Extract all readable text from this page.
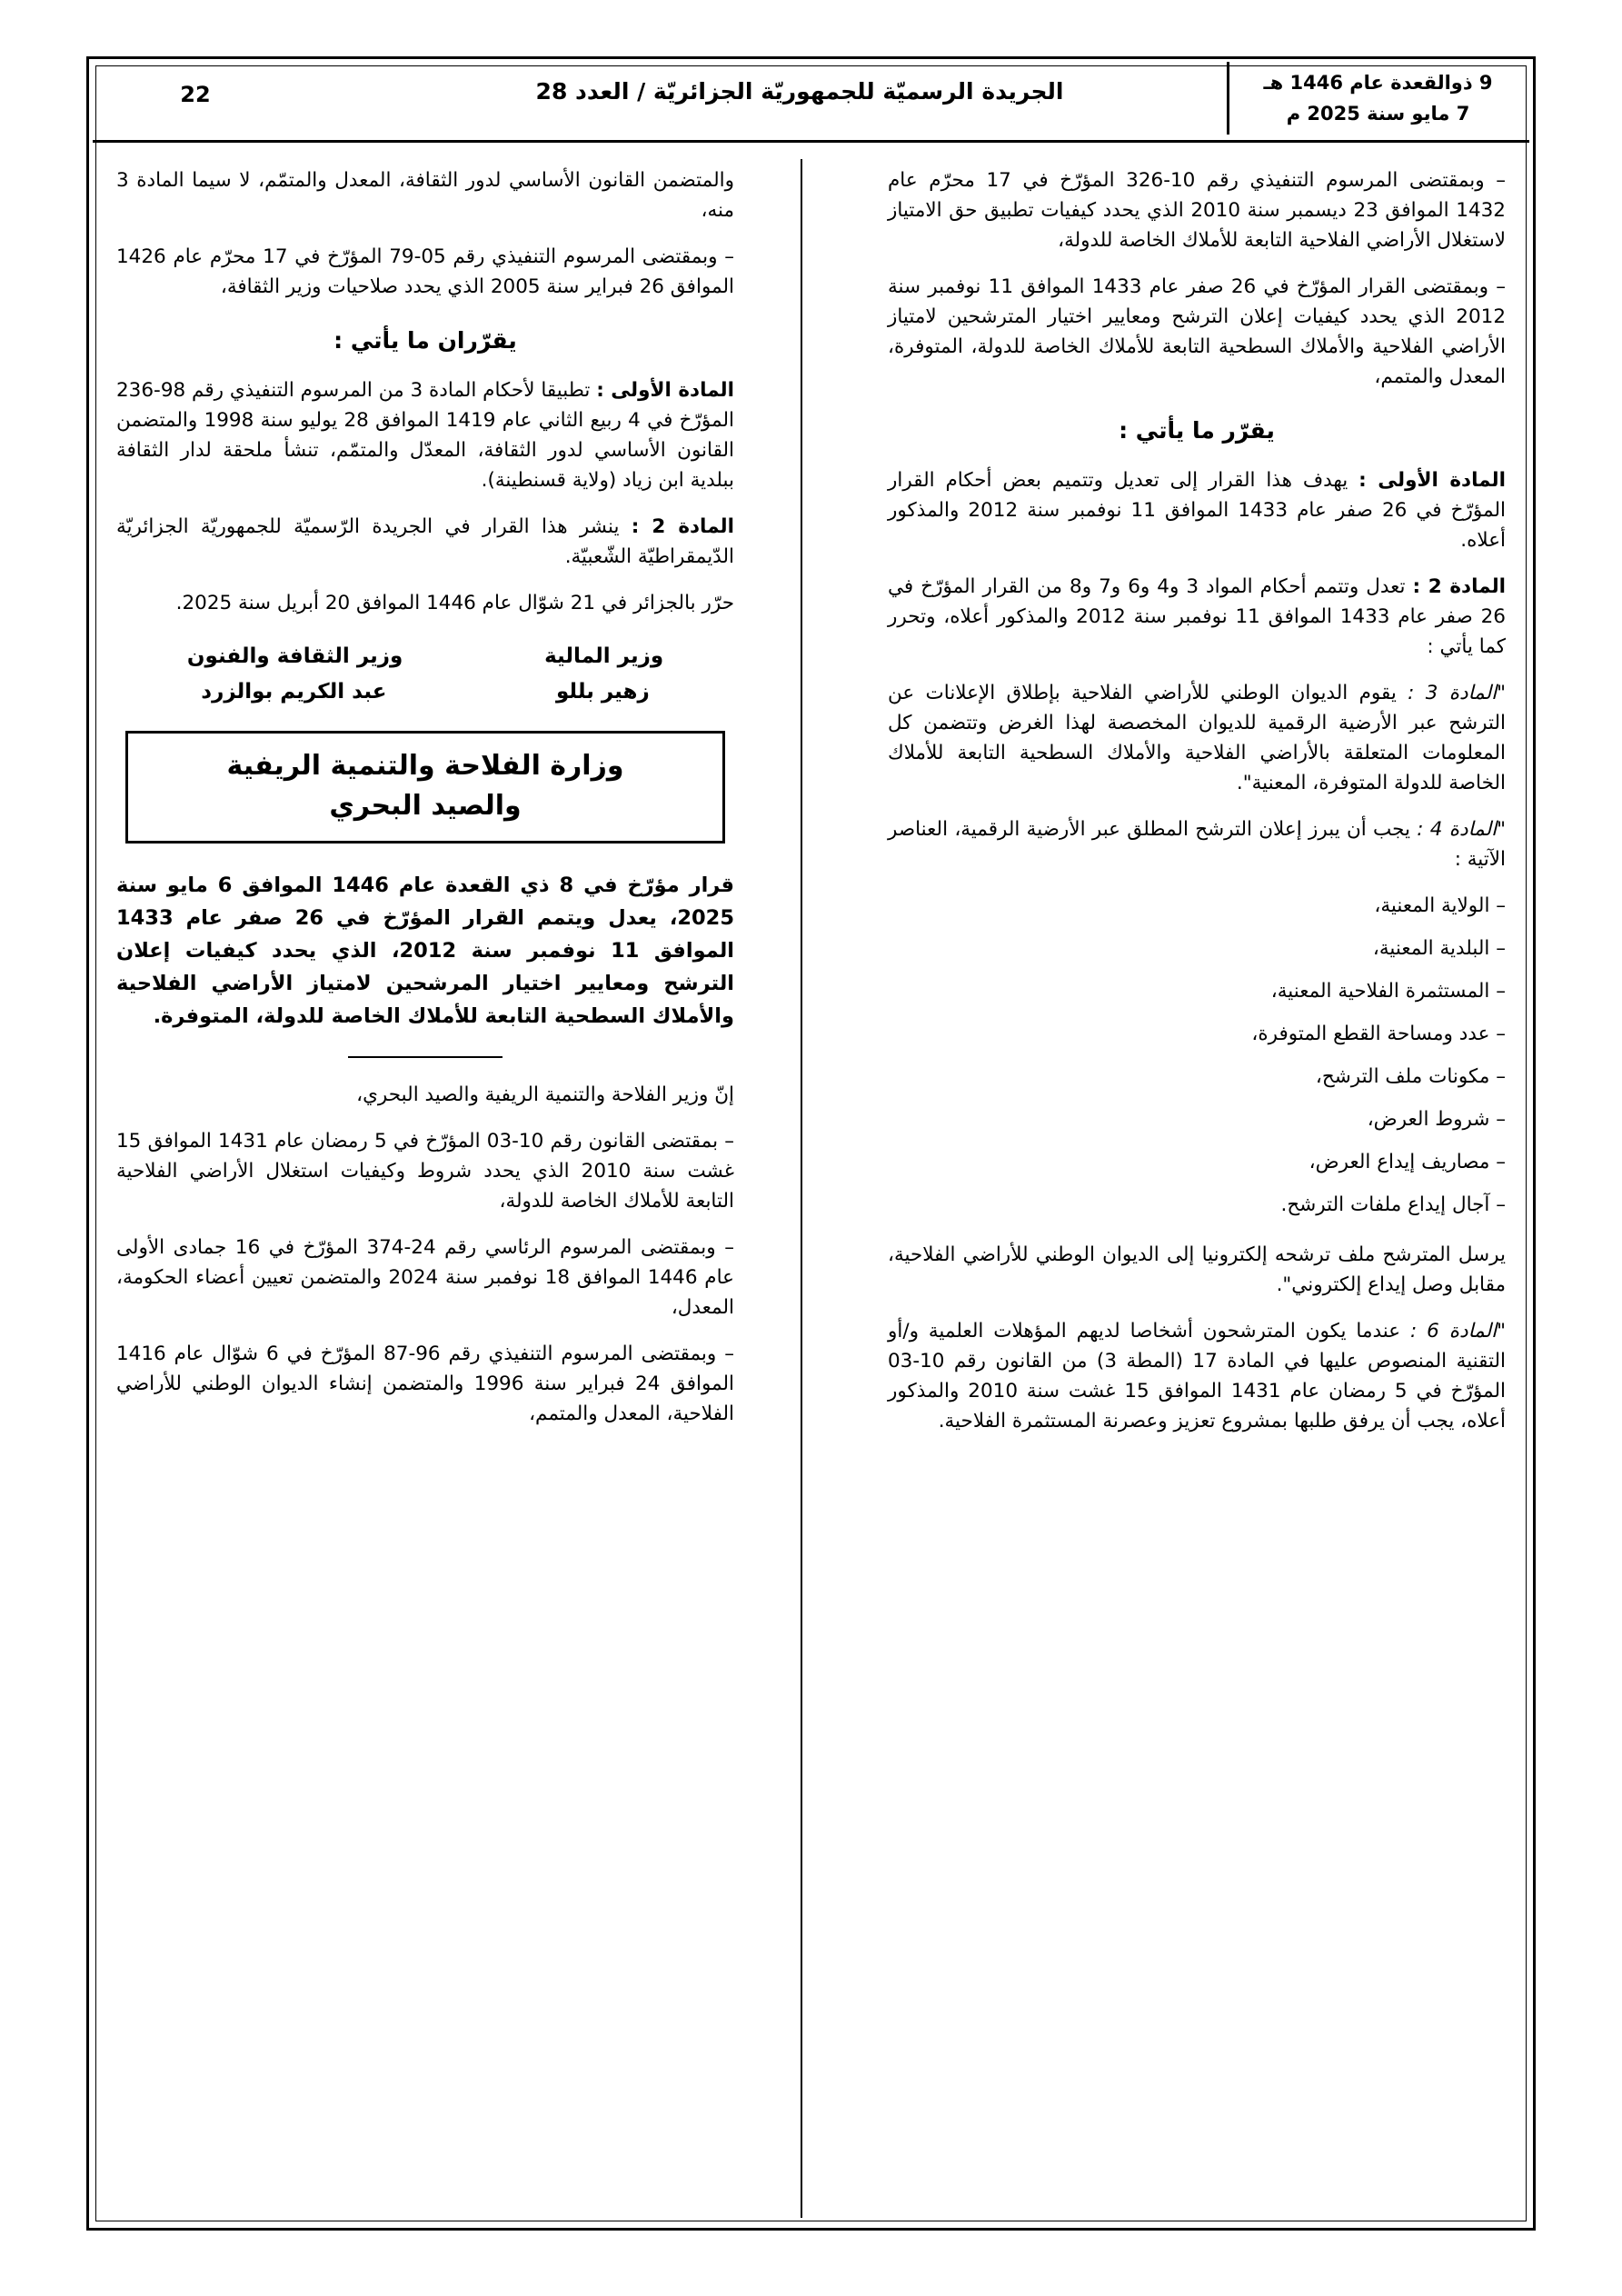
9 ذوالقعدة عام 1446 هـ
7 مايو سنة 2025 م
الجريدة الرسميّة للجمهوريّة الجزائريّة / العدد 28
22

– وبمقتضى المرسوم التنفيذي رقم 10-326 المؤرّخ في 17 محرّم عام 1432 الموافق 23 ديسمبر سنة 2010 الذي يحدد كيفيات تطبيق حق الامتياز لاستغلال الأراضي الفلاحية التابعة للأملاك الخاصة للدولة،

– وبمقتضى القرار المؤرّخ في 26 صفر عام 1433 الموافق 11 نوفمبر سنة 2012 الذي يحدد كيفيات إعلان الترشح ومعايير اختيار المترشحين لامتياز الأراضي الفلاحية والأملاك السطحية التابعة للأملاك الخاصة للدولة، المتوفرة، المعدل والمتمم،

يقرّر ما يأتي :

المادة الأولى : يهدف هذا القرار إلى تعديل وتتميم بعض أحكام القرار المؤرّخ في 26 صفر عام 1433 الموافق 11 نوفمبر سنة 2012 والمذكور أعلاه.

المادة 2 : تعدل وتتمم أحكام المواد 3 و4 و6 و7 و8 من القرار المؤرّخ في 26 صفر عام 1433 الموافق 11 نوفمبر سنة 2012 والمذكور أعلاه، وتحرر كما يأتي :

"المادة 3 : يقوم الديوان الوطني للأراضي الفلاحية بإطلاق الإعلانات عن الترشح عبر الأرضية الرقمية للديوان المخصصة لهذا الغرض وتتضمن كل المعلومات المتعلقة بالأراضي الفلاحية والأملاك السطحية التابعة للأملاك الخاصة للدولة المتوفرة، المعنية".

"المادة 4 : يجب أن يبرز إعلان الترشح المطلق عبر الأرضية الرقمية، العناصر الآتية :

– الولاية المعنية،

– البلدية المعنية،

– المستثمرة الفلاحية المعنية،

– عدد ومساحة القطع المتوفرة،

– مكونات ملف الترشح،

– شروط العرض،

– مصاريف إيداع العرض،

– آجال إيداع ملفات الترشح.

يرسل المترشح ملف ترشحه إلكترونيا إلى الديوان الوطني للأراضي الفلاحية، مقابل وصل إيداع إلكتروني".

"المادة 6 : عندما يكون المترشحون أشخاصا لديهم المؤهلات العلمية و/أو التقنية المنصوص عليها في المادة 17 (المطة 3) من القانون رقم 10-03 المؤرّخ في 5 رمضان عام 1431 الموافق 15 غشت سنة 2010 والمذكور أعلاه، يجب أن يرفق طلبها بمشروع تعزيز وعصرنة المستثمرة الفلاحية.

والمتضمن القانون الأساسي لدور الثقافة، المعدل والمتمّم، لا سيما المادة 3 منه،

– وبمقتضى المرسوم التنفيذي رقم 05-79 المؤرّخ في 17 محرّم عام 1426 الموافق 26 فبراير سنة 2005 الذي يحدد صلاحيات وزير الثقافة،

يقرّران ما يأتي :

المادة الأولى : تطبيقا لأحكام المادة 3 من المرسوم التنفيذي رقم 98-236 المؤرّخ في 4 ربيع الثاني عام 1419 الموافق 28 يوليو سنة 1998 والمتضمن القانون الأساسي لدور الثقافة، المعدّل والمتمّم، تنشأ ملحقة لدار الثقافة ببلدية ابن زياد (ولاية قسنطينة).

المادة 2 : ينشر هذا القرار في الجريدة الرّسميّة للجمهوريّة الجزائريّة الدّيمقراطيّة الشّعبيّة.

حرّر بالجزائر في 21 شوّال عام 1446 الموافق 20 أبريل سنة 2025.

وزير المالية
وزير الثقافة والفنون
زهير بللو
عبد الكريم بوالزرد
وزارة الفلاحة والتنمية الريفية
والصيد البحري
قرار مؤرّخ في 8 ذي القعدة عام 1446 الموافق 6 مايو سنة 2025، يعدل ويتمم القرار المؤرّخ في 26 صفر عام 1433 الموافق 11 نوفمبر سنة 2012، الذي يحدد كيفيات إعلان الترشح ومعايير اختيار المرشحين لامتياز الأراضي الفلاحية والأملاك السطحية التابعة للأملاك الخاصة للدولة، المتوفرة.

إنّ وزير الفلاحة والتنمية الريفية والصيد البحري،

– بمقتضى القانون رقم 10-03 المؤرّخ في 5 رمضان عام 1431 الموافق 15 غشت سنة 2010 الذي يحدد شروط وكيفيات استغلال الأراضي الفلاحية التابعة للأملاك الخاصة للدولة،

– وبمقتضى المرسوم الرئاسي رقم 24-374 المؤرّخ في 16 جمادى الأولى عام 1446 الموافق 18 نوفمبر سنة 2024 والمتضمن تعيين أعضاء الحكومة، المعدل،

– وبمقتضى المرسوم التنفيذي رقم 96-87 المؤرّخ في 6 شوّال عام 1416 الموافق 24 فبراير سنة 1996 والمتضمن إنشاء الديوان الوطني للأراضي الفلاحية، المعدل والمتمم،
